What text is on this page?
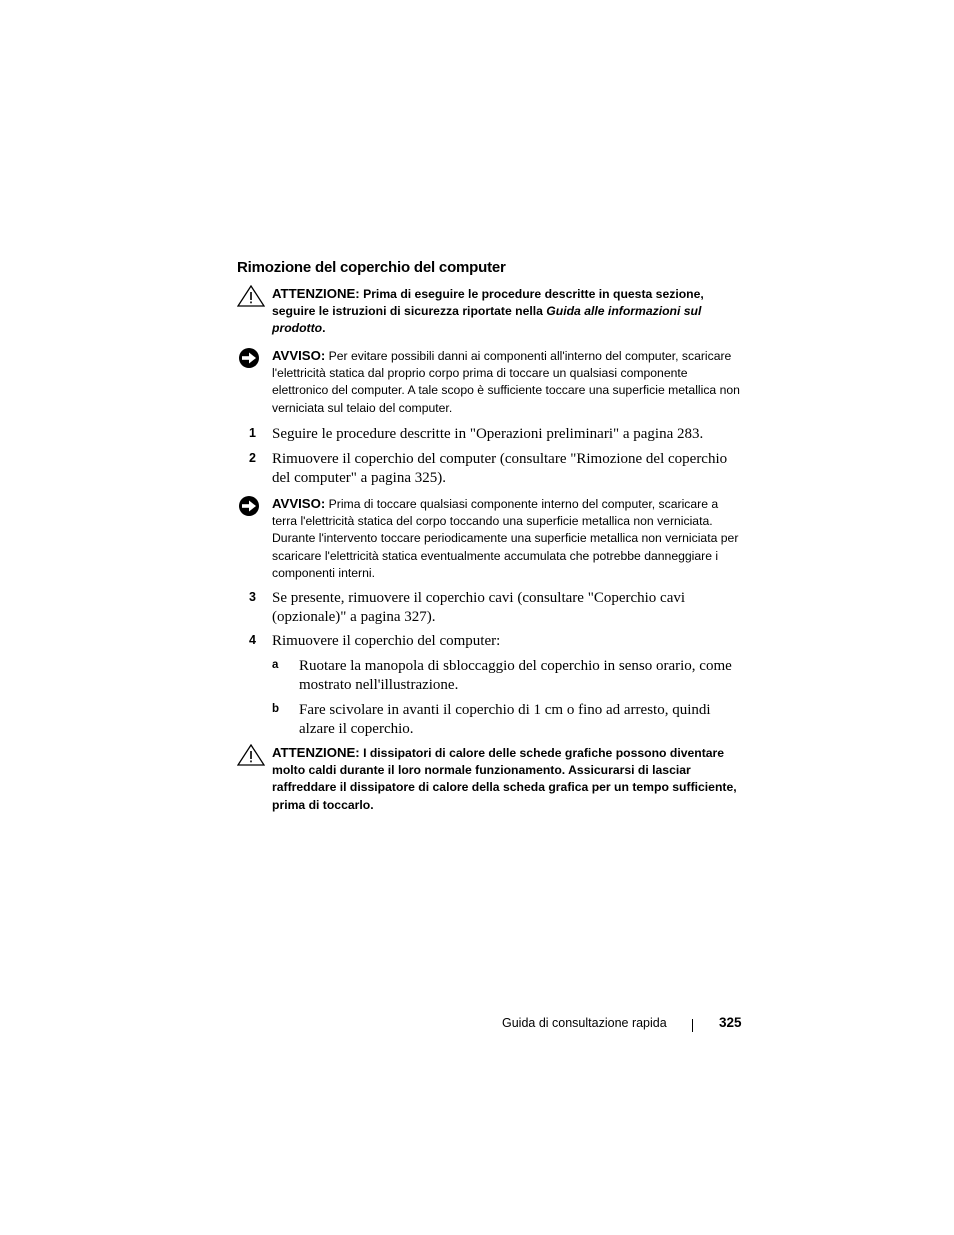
Rimozione del coperchio del computer
ATTENZIONE: Prima di eseguire le procedure descritte in questa sezione, seguire le istruzioni di sicurezza riportate nella Guida alle informazioni sul prodotto.
AVVISO: Per evitare possibili danni ai componenti all'interno del computer, scaricare l'elettricità statica dal proprio corpo prima di toccare un qualsiasi componente elettronico del computer. A tale scopo è sufficiente toccare una superficie metallica non verniciata sul telaio del computer.
1 Seguire le procedure descritte in "Operazioni preliminari" a pagina 283.
2 Rimuovere il coperchio del computer (consultare "Rimozione del coperchio del computer" a pagina 325).
AVVISO: Prima di toccare qualsiasi componente interno del computer, scaricare a terra l'elettricità statica del corpo toccando una superficie metallica non verniciata. Durante l'intervento toccare periodicamente una superficie metallica non verniciata per scaricare l'elettricità statica eventualmente accumulata che potrebbe danneggiare i componenti interni.
3 Se presente, rimuovere il coperchio cavi (consultare "Coperchio cavi (opzionale)" a pagina 327).
4 Rimuovere il coperchio del computer:
a Ruotare la manopola di sbloccaggio del coperchio in senso orario, come mostrato nell'illustrazione.
b Fare scivolare in avanti il coperchio di 1 cm o fino ad arresto, quindi alzare il coperchio.
ATTENZIONE: I dissipatori di calore delle schede grafiche possono diventare molto caldi durante il loro normale funzionamento. Assicurarsi di lasciar raffreddare il dissipatore di calore della scheda grafica per un tempo sufficiente, prima di toccarlo.
Guida di consultazione rapida	325
